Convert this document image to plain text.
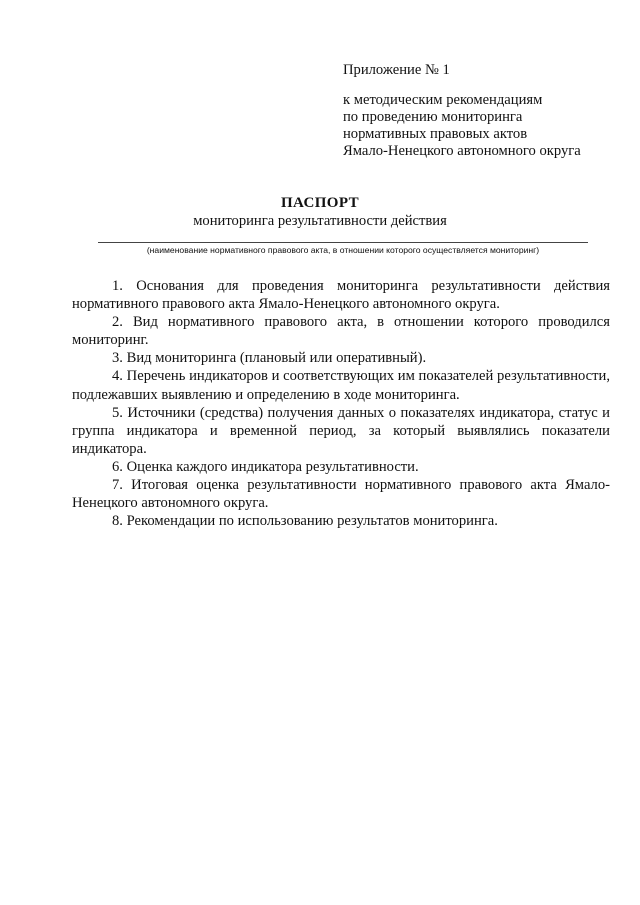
Приложение № 1
к методическим рекомендациям
по проведению мониторинга
нормативных правовых актов
Ямало-Ненецкого автономного округа
ПАСПОРТ
мониторинга результативности действия
(наименование нормативного правового акта, в отношении которого осуществляется мониторинг)
1. Основания для проведения мониторинга результативности действия нормативного правового акта Ямало-Ненецкого автономного округа.
2. Вид нормативного правового акта, в отношении которого проводился мониторинг.
3. Вид мониторинга (плановый или оперативный).
4. Перечень индикаторов и соответствующих им показателей результативности, подлежавших выявлению и определению в ходе мониторинга.
5. Источники (средства) получения данных о показателях индикатора, статус и группа индикатора и временной период, за который выявлялись показатели индикатора.
6. Оценка каждого индикатора результативности.
7. Итоговая оценка результативности нормативного правового акта Ямало-Ненецкого автономного округа.
8. Рекомендации по использованию результатов мониторинга.
